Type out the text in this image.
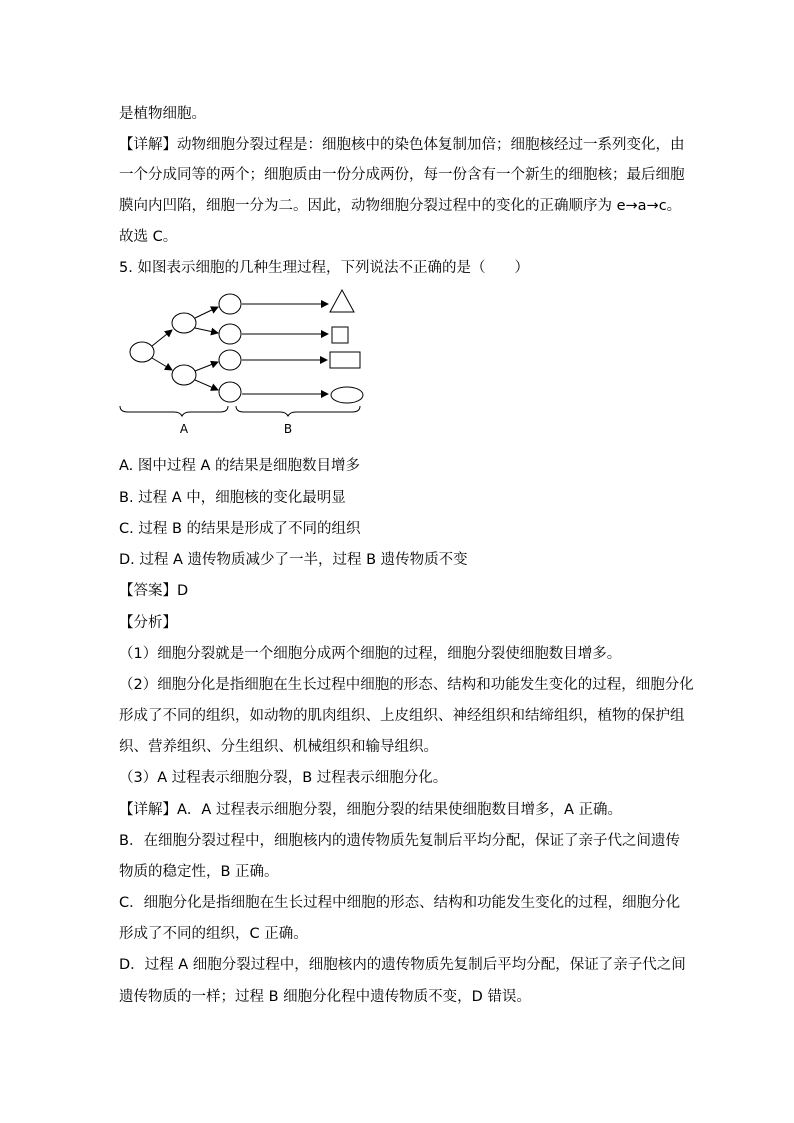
是植物细胞。
【详解】动物细胞分裂过程是：细胞核中的染色体复制加倍；细胞核经过一系列变化，由
一个分成同等的两个；细胞质由一份分成两份，每一份含有一个新生的细胞核；最后细胞
膜向内凹陷，细胞一分为二。因此，动物细胞分裂过程中的变化的正确顺序为 e→a→c。
故选 C。
5. 如图表示细胞的几种生理过程，下列说法不正确的是（　　）
A	B
A. 图中过程 A 的结果是细胞数目增多
B. 过程 A 中，细胞核的变化最明显
C. 过程 B 的结果是形成了不同的组织
D. 过程 A 遗传物质减少了一半，过程 B 遗传物质不变
【答案】D
【分析】
（1）细胞分裂就是一个细胞分成两个细胞的过程，细胞分裂使细胞数目增多。
（2）细胞分化是指细胞在生长过程中细胞的形态、结构和功能发生变化的过程，细胞分化
形成了不同的组织，如动物的肌肉组织、上皮组织、神经组织和结缔组织，植物的保护组
织、营养组织、分生组织、机械组织和输导组织。
（3）A 过程表示细胞分裂，B 过程表示细胞分化。
【详解】A．A 过程表示细胞分裂，细胞分裂的结果使细胞数目增多，A 正确。
B．在细胞分裂过程中，细胞核内的遗传物质先复制后平均分配，保证了亲子代之间遗传
物质的稳定性，B 正确。
C．细胞分化是指细胞在生长过程中细胞的形态、结构和功能发生变化的过程，细胞分化
形成了不同的组织，C 正确。
D．过程 A 细胞分裂过程中，细胞核内的遗传物质先复制后平均分配，保证了亲子代之间
遗传物质的一样；过程 B 细胞分化程中遗传物质不变，D 错误。
